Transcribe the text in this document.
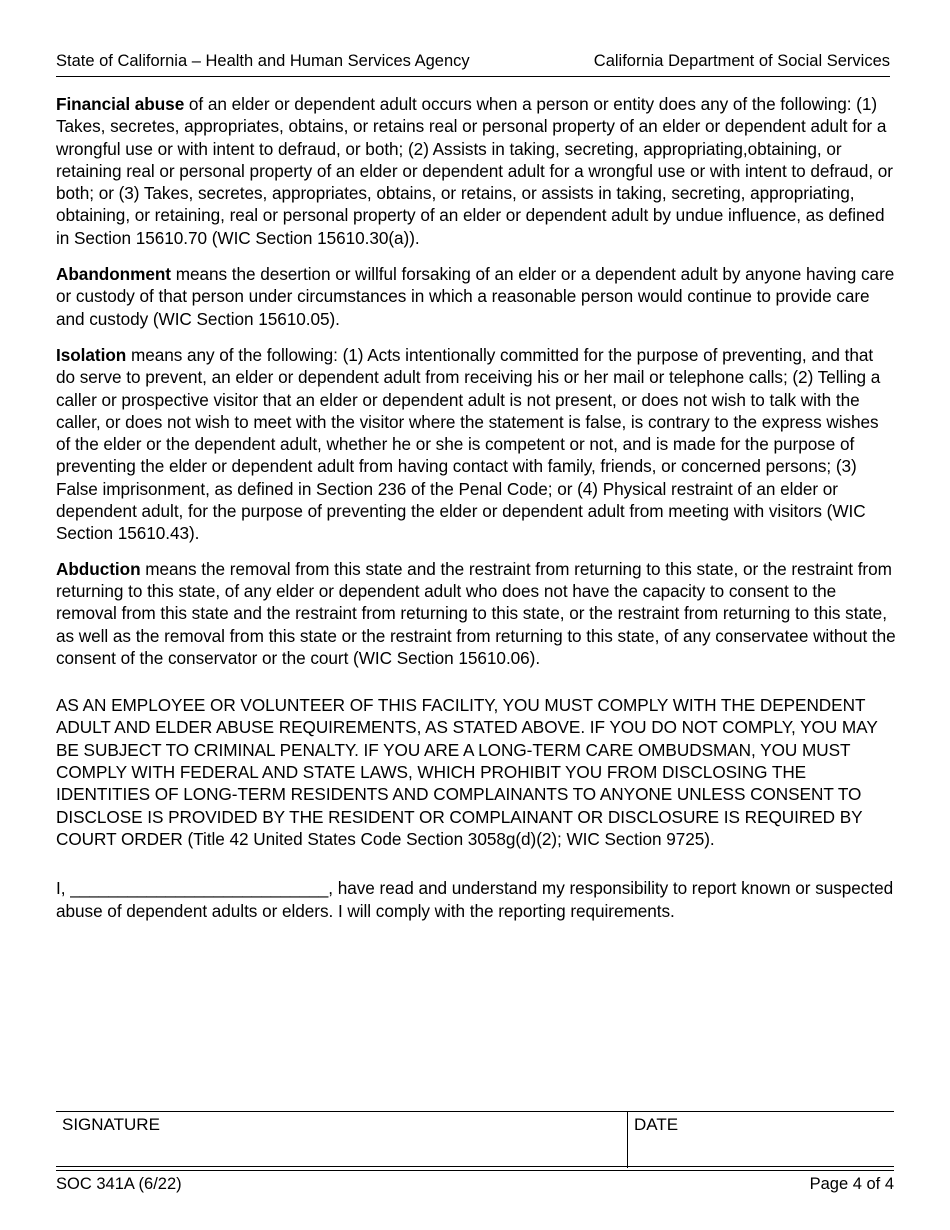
State of California – Health and Human Services Agency	California Department of Social Services

Financial abuse of an elder or dependent adult occurs when a person or entity does any of the following: (1) Takes, secretes, appropriates, obtains, or retains real or personal property of an elder or dependent adult for a wrongful use or with intent to defraud, or both; (2) Assists in taking, secreting, appropriating,obtaining, or retaining real or personal property of an elder or dependent adult for a wrongful use or with intent to defraud, or both; or (3) Takes, secretes, appropriates, obtains, or retains, or assists in taking, secreting, appropriating, obtaining, or retaining, real or personal property of an elder or dependent adult by undue influence, as defined in Section 15610.70 (WIC Section 15610.30(a)).

Abandonment means the desertion or willful forsaking of an elder or a dependent adult by anyone having care or custody of that person under circumstances in which a reasonable person would continue to provide care and custody (WIC Section 15610.05).

Isolation means any of the following: (1) Acts intentionally committed for the purpose of preventing, and that do serve to prevent, an elder or dependent adult from receiving his or her mail or telephone calls; (2) Telling a caller or prospective visitor that an elder or dependent adult is not present, or does not wish to talk with the caller, or does not wish to meet with the visitor where the statement is false, is contrary to the express wishes of the elder or the dependent adult, whether he or she is competent or not, and is made for the purpose of preventing the elder or dependent adult from having contact with family, friends, or concerned persons; (3) False imprisonment, as defined in Section 236 of the Penal Code; or (4) Physical restraint of an elder or dependent adult, for the purpose of preventing the elder or dependent adult from meeting with visitors (WIC Section 15610.43).

Abduction means the removal from this state and the restraint from returning to this state, or the restraint from returning to this state, of any elder or dependent adult who does not have the capacity to consent to the removal from this state and the restraint from returning to this state, or the restraint from returning to this state, as well as the removal from this state or the restraint from returning to this state, of any conservatee without the consent of the conservator or the court (WIC Section 15610.06).

AS AN EMPLOYEE OR VOLUNTEER OF THIS FACILITY, YOU MUST COMPLY WITH THE DEPENDENT ADULT AND ELDER ABUSE REQUIREMENTS, AS STATED ABOVE. IF YOU DO NOT COMPLY, YOU MAY BE SUBJECT TO CRIMINAL PENALTY. IF YOU ARE A LONG-TERM CARE OMBUDSMAN, YOU MUST COMPLY WITH FEDERAL AND STATE LAWS, WHICH PROHIBIT YOU FROM DISCLOSING THE IDENTITIES OF LONG-TERM RESIDENTS AND COMPLAINANTS TO ANYONE UNLESS CONSENT TO DISCLOSE IS PROVIDED BY THE RESIDENT OR COMPLAINANT OR DISCLOSURE IS REQUIRED BY COURT ORDER (Title 42 United States Code Section 3058g(d)(2); WIC Section 9725).

I, ___________________________, have read and understand my responsibility to report known or suspected abuse of dependent adults or elders. I will comply with the reporting requirements.

SIGNATURE	DATE
SOC 341A (6/22)	Page 4 of 4
